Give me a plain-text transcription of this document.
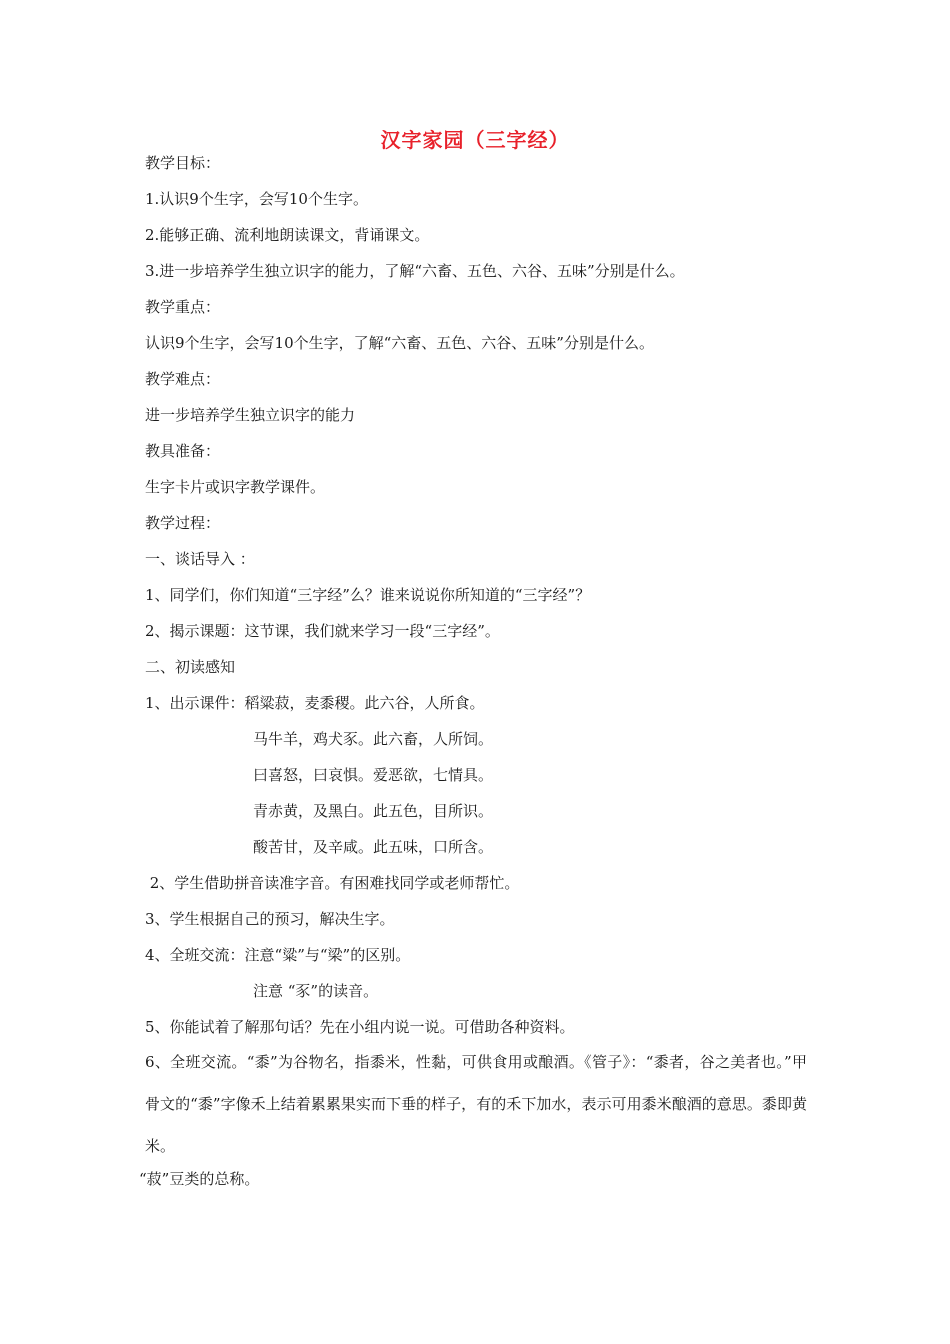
汉字家园（三字经）
教学目标：
1.认识9个生字，会写10个生字。
2.能够正确、流利地朗读课文，背诵课文。
3.进一步培养学生独立识字的能力，了解“六畜、五色、六谷、五味”分别是什么。
教学重点：
认识9个生字，会写10个生字，了解“六畜、五色、六谷、五味”分别是什么。
教学难点：
进一步培养学生独立识字的能力
教具准备：
生字卡片或识字教学课件。
教学过程：
一、谈话导入 ：
1、同学们，你们知道“三字经”么？谁来说说你所知道的“三字经”？
2、揭示课题：这节课，我们就来学习一段“三字经”。
二、初读感知
1、出示课件：稻粱菽，麦黍稷。此六谷，人所食。
马牛羊，鸡犬豕。此六畜，人所饲。
曰喜怒，曰哀惧。爱恶欲，七情具。
青赤黄，及黑白。此五色，目所识。
酸苦甘，及辛咸。此五味，口所含。
2、学生借助拼音读准字音。有困难找同学或老师帮忙。
3、学生根据自己的预习，解决生字。
4、全班交流：注意“粱”与“梁”的区别。
注意 “豕”的读音。
5、你能试着了解那句话？先在小组内说一说。可借助各种资料。
6、全班交流。“黍”为谷物名，指黍米，性黏，可供食用或酿酒。《管子》：“黍者，谷之美者也。”甲骨文的“黍”字像禾上结着累累果实而下垂的样子，有的禾下加水，表示可用黍米酿酒的意思。黍即黄米。
“菽”豆类的总称。
